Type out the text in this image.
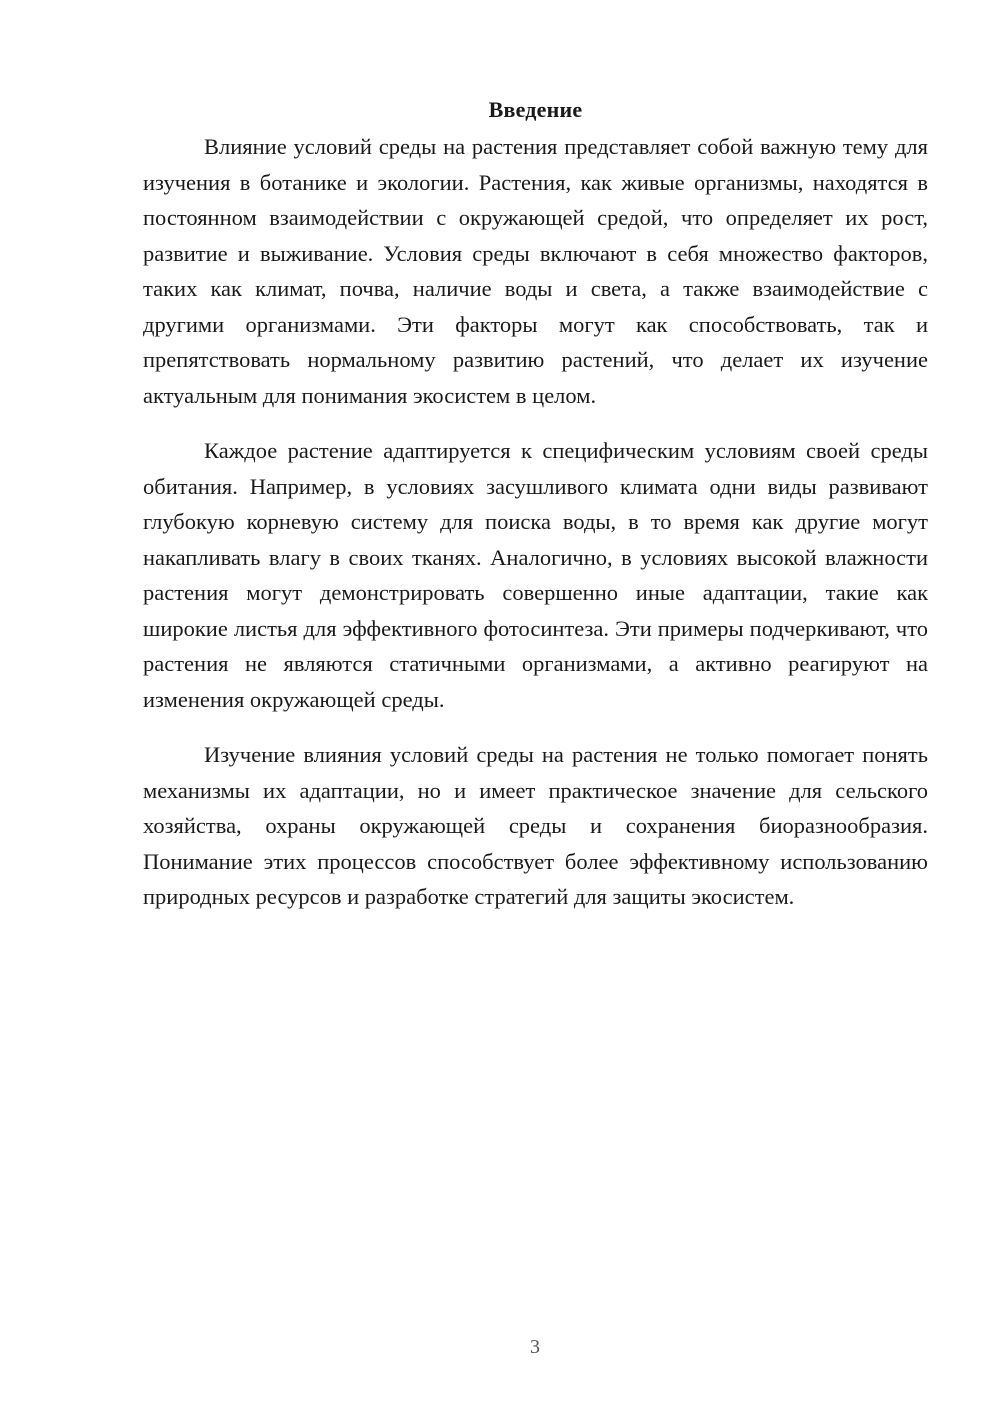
Введение

Влияние условий среды на растения представляет собой важную тему для изучения в ботанике и экологии. Растения, как живые организмы, находятся в постоянном взаимодействии с окружающей средой, что определяет их рост, развитие и выживание. Условия среды включают в себя множество факторов, таких как климат, почва, наличие воды и света, а также взаимодействие с другими организмами. Эти факторы могут как способствовать, так и препятствовать нормальному развитию растений, что делает их изучение актуальным для понимания экосистем в целом.

Каждое растение адаптируется к специфическим условиям своей среды обитания. Например, в условиях засушливого климата одни виды развивают глубокую корневую систему для поиска воды, в то время как другие могут накапливать влагу в своих тканях. Аналогично, в условиях высокой влажности растения могут демонстрировать совершенно иные адаптации, такие как широкие листья для эффективного фотосинтеза. Эти примеры подчеркивают, что растения не являются статичными организмами, а активно реагируют на изменения окружающей среды.

Изучение влияния условий среды на растения не только помогает понять механизмы их адаптации, но и имеет практическое значение для сельского хозяйства, охраны окружающей среды и сохранения биоразнообразия. Понимание этих процессов способствует более эффективному использованию природных ресурсов и разработке стратегий для защиты экосистем.

3
